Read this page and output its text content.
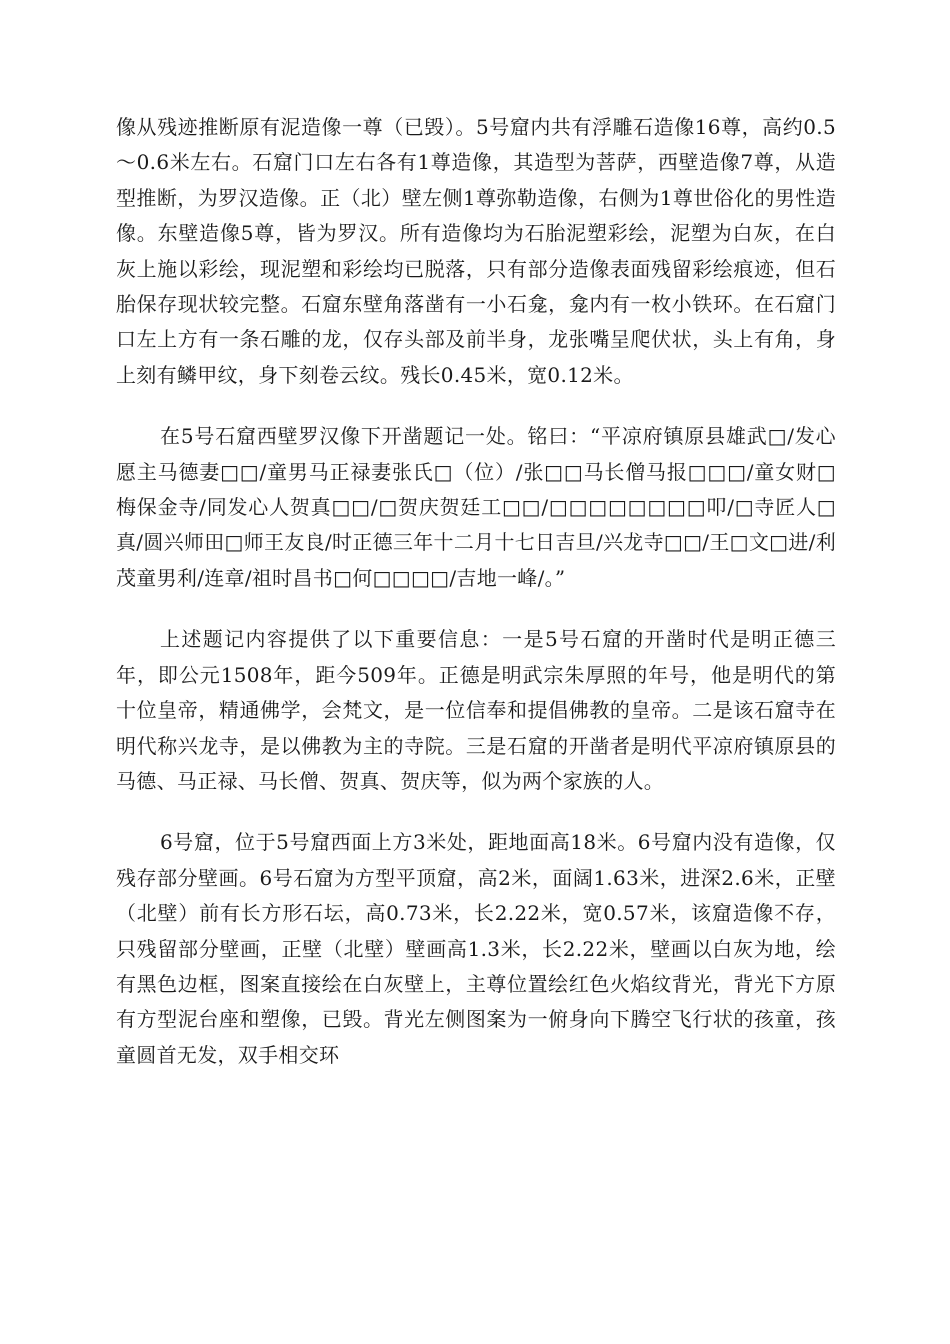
像从残迹推断原有泥造像一尊（已毁）。5号窟内共有浮雕石造像16尊，高约0.5～0.6米左右。石窟门口左右各有1尊造像，其造型为菩萨，西壁造像7尊，从造型推断，为罗汉造像。正（北）壁左侧1尊弥勒造像，右侧为1尊世俗化的男性造像。东壁造像5尊，皆为罗汉。所有造像均为石胎泥塑彩绘，泥塑为白灰，在白灰上施以彩绘，现泥塑和彩绘均已脱落，只有部分造像表面残留彩绘痕迹，但石胎保存现状较完整。石窟东壁角落凿有一小石龛，龛内有一枚小铁环。在石窟门口左上方有一条石雕的龙，仅存头部及前半身，龙张嘴呈爬伏状，头上有角，身上刻有鳞甲纹，身下刻卷云纹。残长0.45米，宽0.12米。

在5号石窟西壁罗汉像下开凿题记一处。铭曰：“平凉府镇原县雄武□/发心愿主马德妻□□/童男马正禄妻张氏□（位）/张□□马长僧马报□□□/童女财□梅保金寺/同发心人贺真□□/□贺庆贺廷工□□/□□□□□□□□叩/□寺匠人□真/圆兴师田□师王友良/时正德三年十二月十七日吉旦/兴龙寺□□/王□文□进/利茂童男利/连章/祖时昌书□何□□□□/吉地一峰/。”

上述题记内容提供了以下重要信息：一是5号石窟的开凿时代是明正德三年，即公元1508年，距今509年。正德是明武宗朱厚照的年号，他是明代的第十位皇帝，精通佛学，会梵文，是一位信奉和提倡佛教的皇帝。二是该石窟寺在明代称兴龙寺，是以佛教为主的寺院。三是石窟的开凿者是明代平凉府镇原县的马德、马正禄、马长僧、贺真、贺庆等，似为两个家族的人。

6号窟，位于5号窟西面上方3米处，距地面高18米。6号窟内没有造像，仅残存部分壁画。6号石窟为方型平顶窟，高2米，面阔1.63米，进深2.6米，正壁（北壁）前有长方形石坛，高0.73米，长2.22米，宽0.57米，该窟造像不存，只残留部分壁画，正壁（北壁）壁画高1.3米，长2.22米，壁画以白灰为地，绘有黑色边框，图案直接绘在白灰壁上，主尊位置绘红色火焰纹背光，背光下方原有方型泥台座和塑像，已毁。背光左侧图案为一俯身向下腾空飞行状的孩童，孩童圆首无发，双手相交环
